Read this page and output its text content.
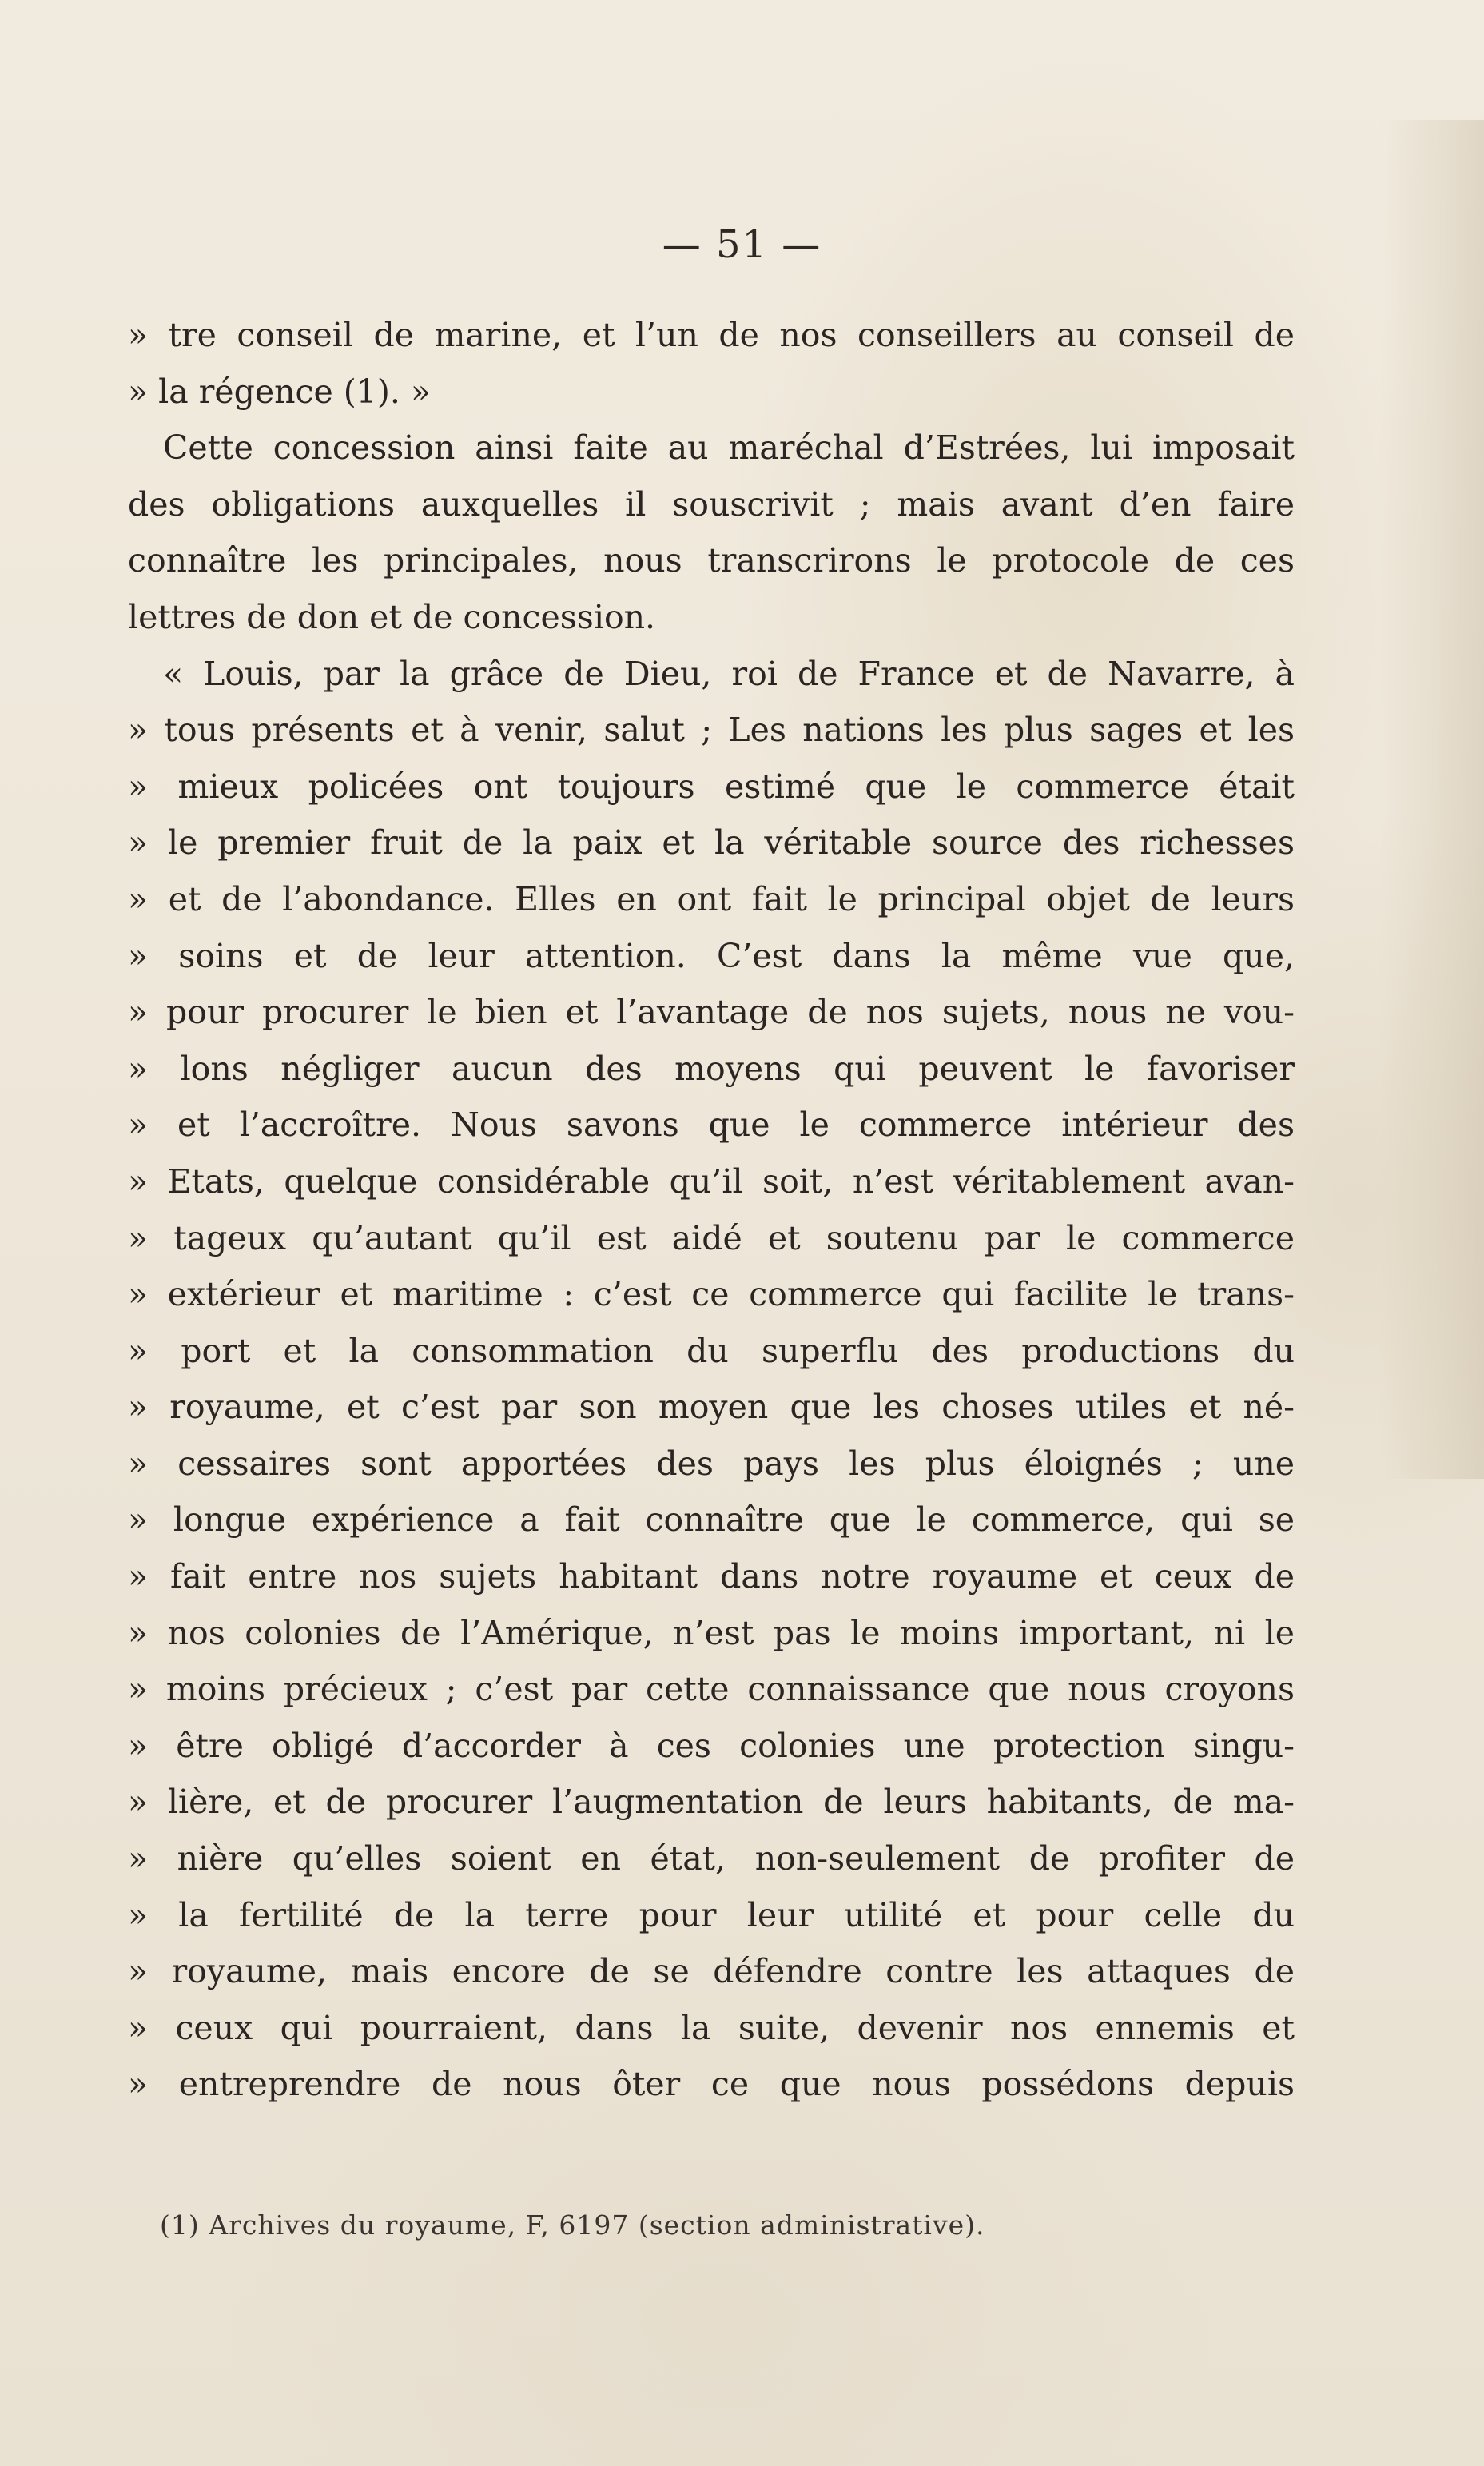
— 51 —
» tre conseil de marine, et l’un de nos conseillers au conseil de
» la régence (1). »
Cette concession ainsi faite au maréchal d’Estrées, lui imposait
des obligations auxquelles il souscrivit ; mais avant d’en faire
connaître les principales, nous transcrirons le protocole de ces
lettres de don et de concession.
« Louis, par la grâce de Dieu, roi de France et de Navarre, à
» tous présents et à venir, salut ; Les nations les plus sages et les
» mieux policées ont toujours estimé que le commerce était
» le premier fruit de la paix et la véritable source des richesses
» et de l’abondance. Elles en ont fait le principal objet de leurs
» soins et de leur attention. C’est dans la même vue que,
» pour procurer le bien et l’avantage de nos sujets, nous ne vou-
» lons négliger aucun des moyens qui peuvent le favoriser
» et l’accroître. Nous savons que le commerce intérieur des
» Etats, quelque considérable qu’il soit, n’est véritablement avan-
» tageux qu’autant qu’il est aidé et soutenu par le commerce
» extérieur et maritime : c’est ce commerce qui facilite le trans-
» port et la consommation du superflu des productions du
» royaume, et c’est par son moyen que les choses utiles et né-
» cessaires sont apportées des pays les plus éloignés ; une
» longue expérience a fait connaître que le commerce, qui se
» fait entre nos sujets habitant dans notre royaume et ceux de
» nos colonies de l’Amérique, n’est pas le moins important, ni le
» moins précieux ; c’est par cette connaissance que nous croyons
» être obligé d’accorder à ces colonies une protection singu-
» lière, et de procurer l’augmentation de leurs habitants, de ma-
» nière qu’elles soient en état, non-seulement de profiter de
» la fertilité de la terre pour leur utilité et pour celle du
» royaume, mais encore de se défendre contre les attaques de
» ceux qui pourraient, dans la suite, devenir nos ennemis et
» entreprendre de nous ôter ce que nous possédons depuis
(1) Archives du royaume, F, 6197 (section administrative).
